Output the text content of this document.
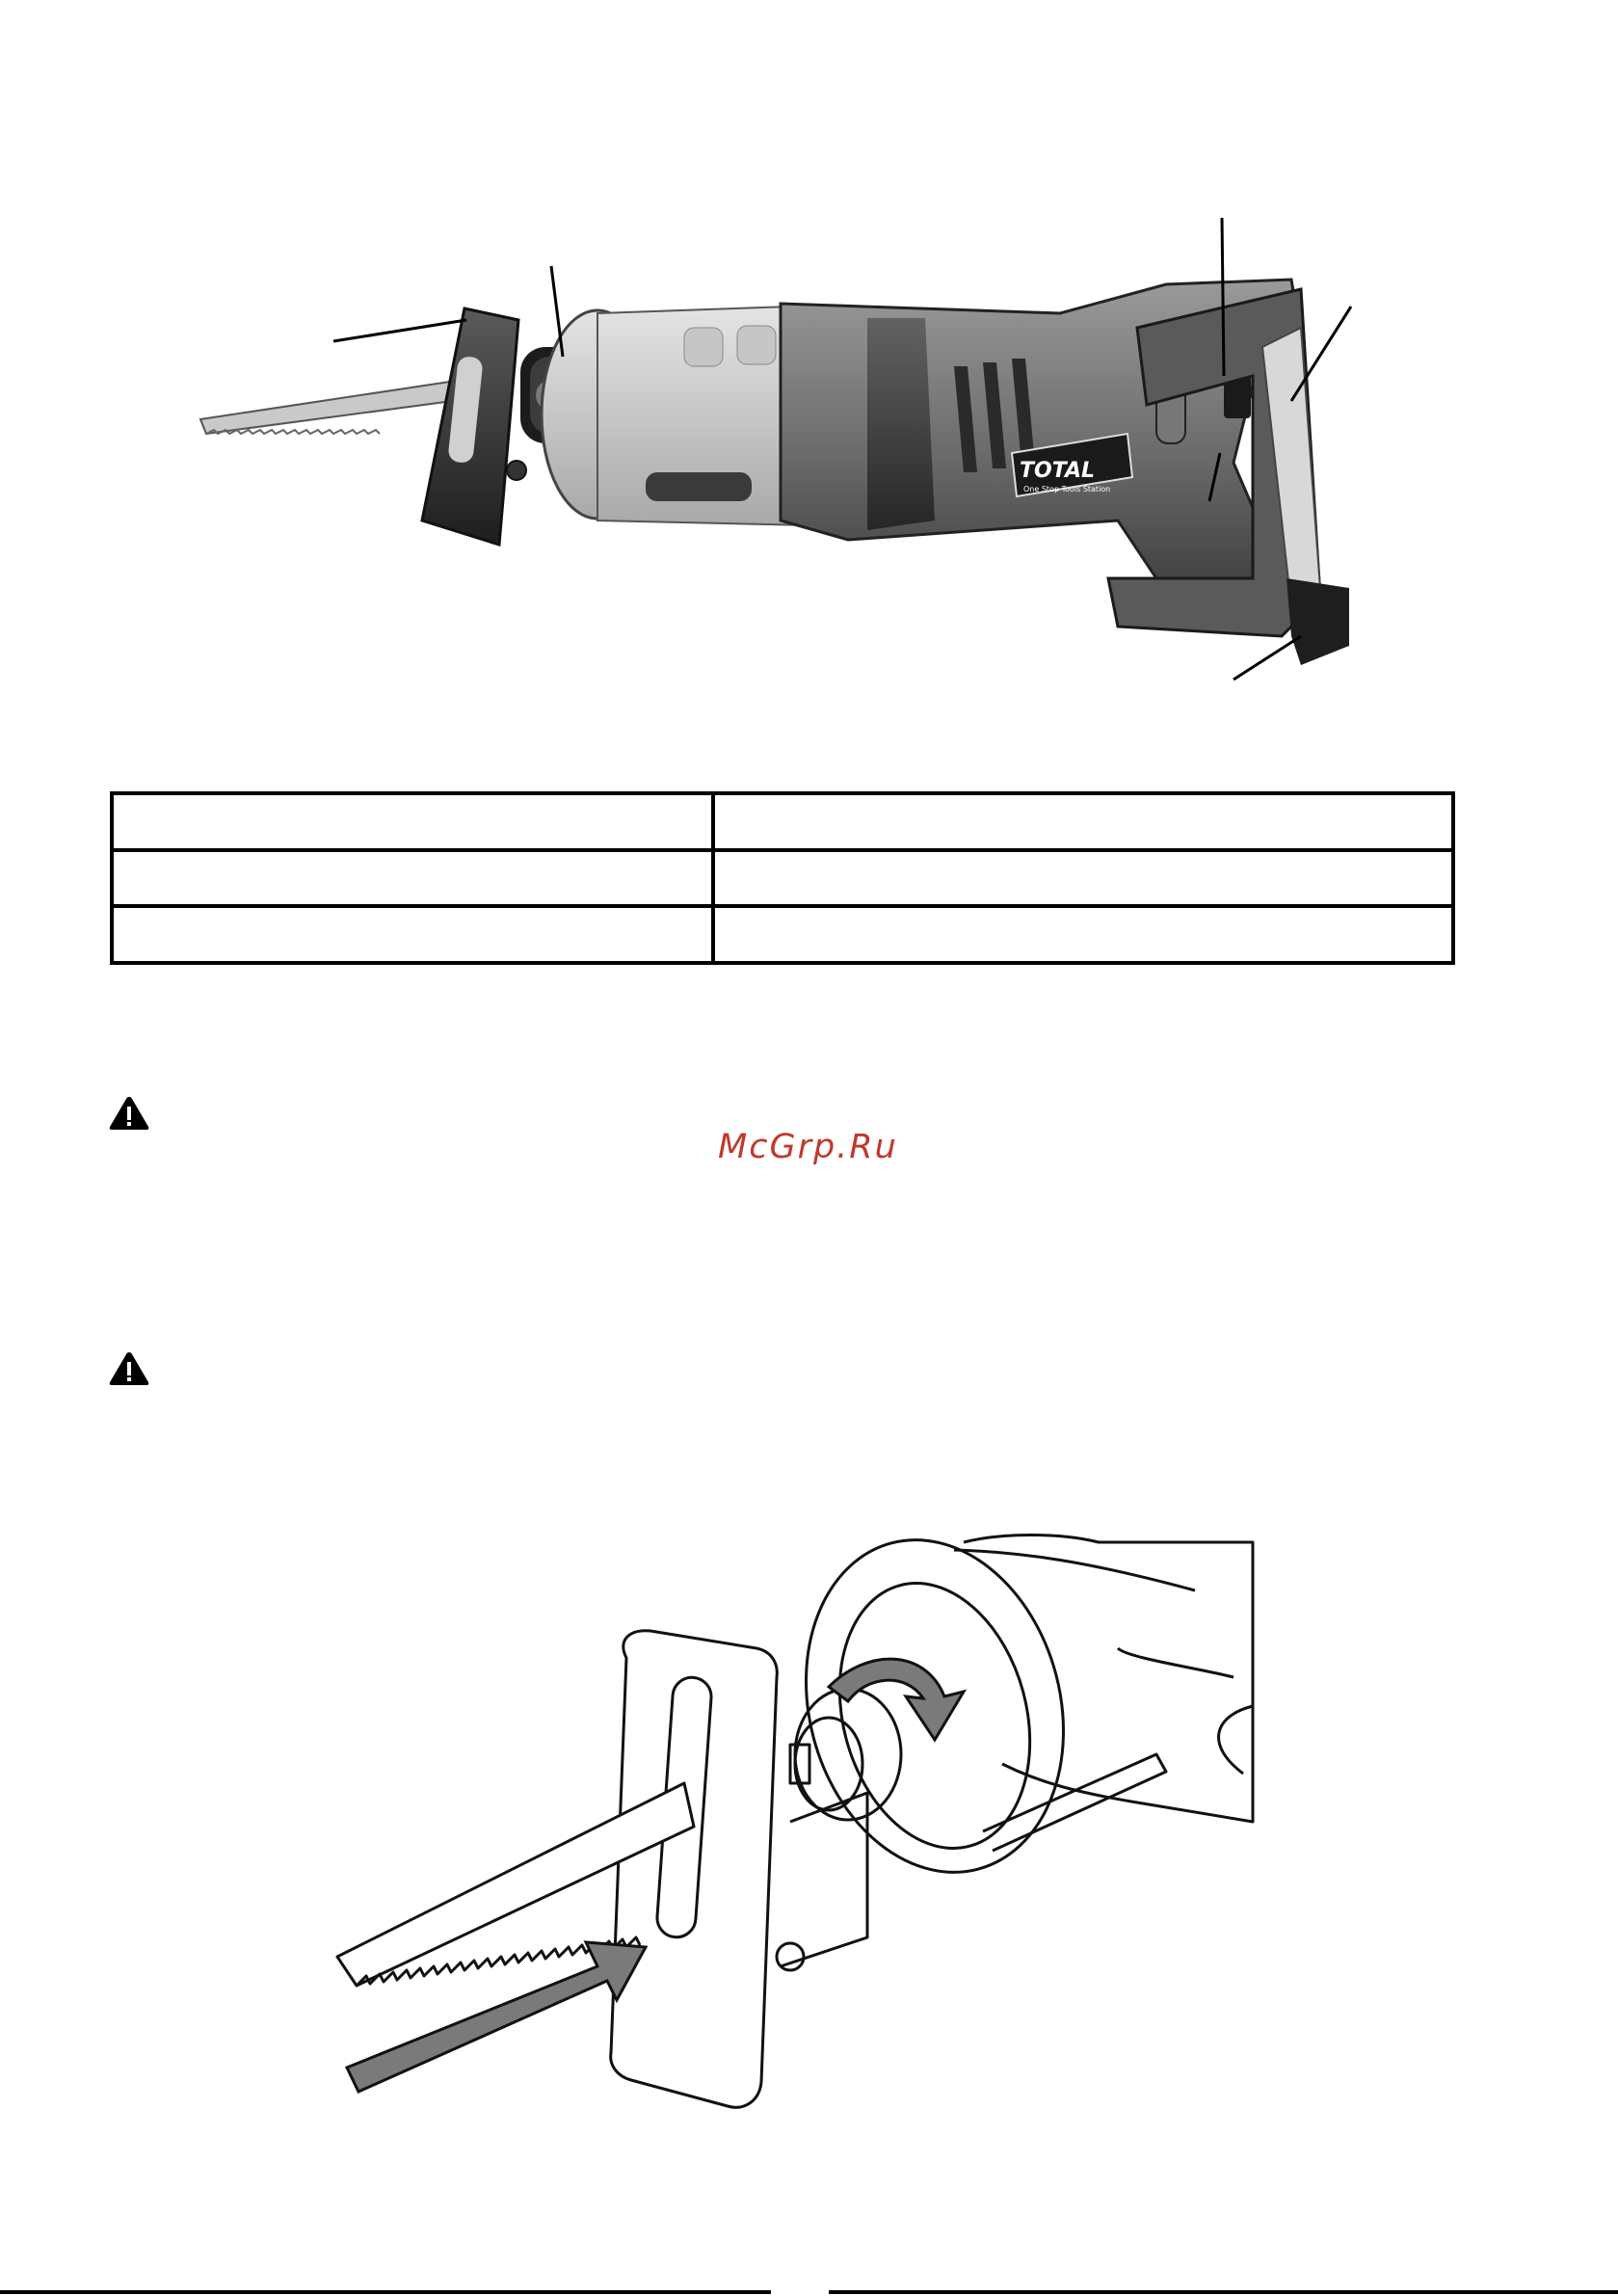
TOTAL
One Stop Tools Station

McGrp.Ru
